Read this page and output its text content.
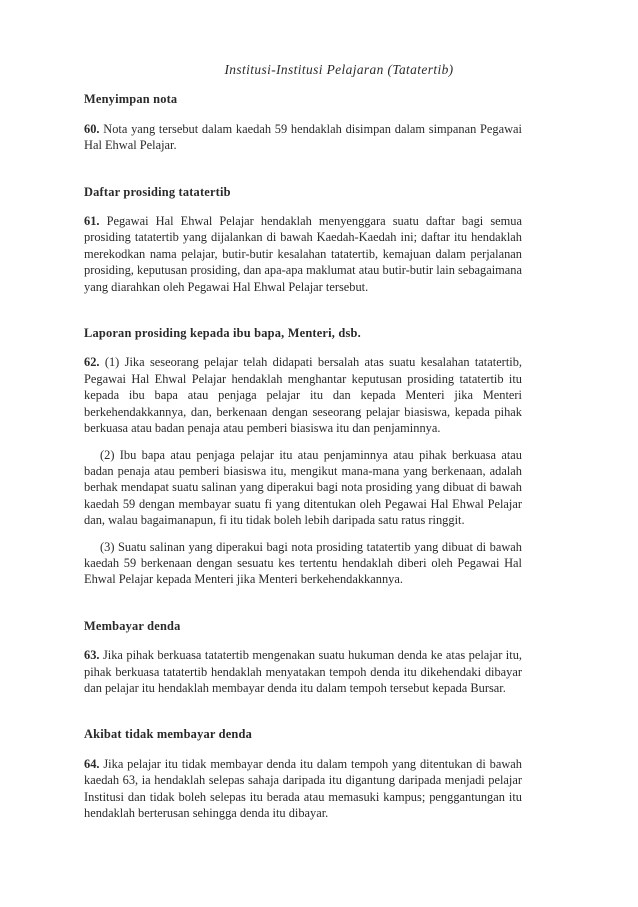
Institusi-Institusi Pelajaran (Tatatertib)
Menyimpan nota
60. Nota yang tersebut dalam kaedah 59 hendaklah disimpan dalam simpanan Pegawai Hal Ehwal Pelajar.
Daftar prosiding tatatertib
61. Pegawai Hal Ehwal Pelajar hendaklah menyenggara suatu daftar bagi semua prosiding tatatertib yang dijalankan di bawah Kaedah-Kaedah ini; daftar itu hendaklah merekodkan nama pelajar, butir-butir kesalahan tatatertib, kemajuan dalam perjalanan prosiding, keputusan prosiding, dan apa-apa maklumat atau butir-butir lain sebagaimana yang diarahkan oleh Pegawai Hal Ehwal Pelajar tersebut.
Laporan prosiding kepada ibu bapa, Menteri, dsb.
62. (1) Jika seseorang pelajar telah didapati bersalah atas suatu kesalahan tatatertib, Pegawai Hal Ehwal Pelajar hendaklah menghantar keputusan prosiding tatatertib itu kepada ibu bapa atau penjaga pelajar itu dan kepada Menteri jika Menteri berkehendakkannya, dan, berkenaan dengan seseorang pelajar biasiswa, kepada pihak berkuasa atau badan penaja atau pemberi biasiswa itu dan penjaminnya.
(2) Ibu bapa atau penjaga pelajar itu atau penjaminnya atau pihak berkuasa atau badan penaja atau pemberi biasiswa itu, mengikut mana-mana yang berkenaan, adalah berhak mendapat suatu salinan yang diperakui bagi nota prosiding yang dibuat di bawah kaedah 59 dengan membayar suatu fi yang ditentukan oleh Pegawai Hal Ehwal Pelajar dan, walau bagaimanapun, fi itu tidak boleh lebih daripada satu ratus ringgit.
(3) Suatu salinan yang diperakui bagi nota prosiding tatatertib yang dibuat di bawah kaedah 59 berkenaan dengan sesuatu kes tertentu hendaklah diberi oleh Pegawai Hal Ehwal Pelajar kepada Menteri jika Menteri berkehendakkannya.
Membayar denda
63. Jika pihak berkuasa tatatertib mengenakan suatu hukuman denda ke atas pelajar itu, pihak berkuasa tatatertib hendaklah menyatakan tempoh denda itu dikehendaki dibayar dan pelajar itu hendaklah membayar denda itu dalam tempoh tersebut kepada Bursar.
Akibat tidak membayar denda
64. Jika pelajar itu tidak membayar denda itu dalam tempoh yang ditentukan di bawah kaedah 63, ia hendaklah selepas sahaja daripada itu digantung daripada menjadi pelajar Institusi dan tidak boleh selepas itu berada atau memasuki kampus; penggantungan itu hendaklah berterusan sehingga denda itu dibayar.
